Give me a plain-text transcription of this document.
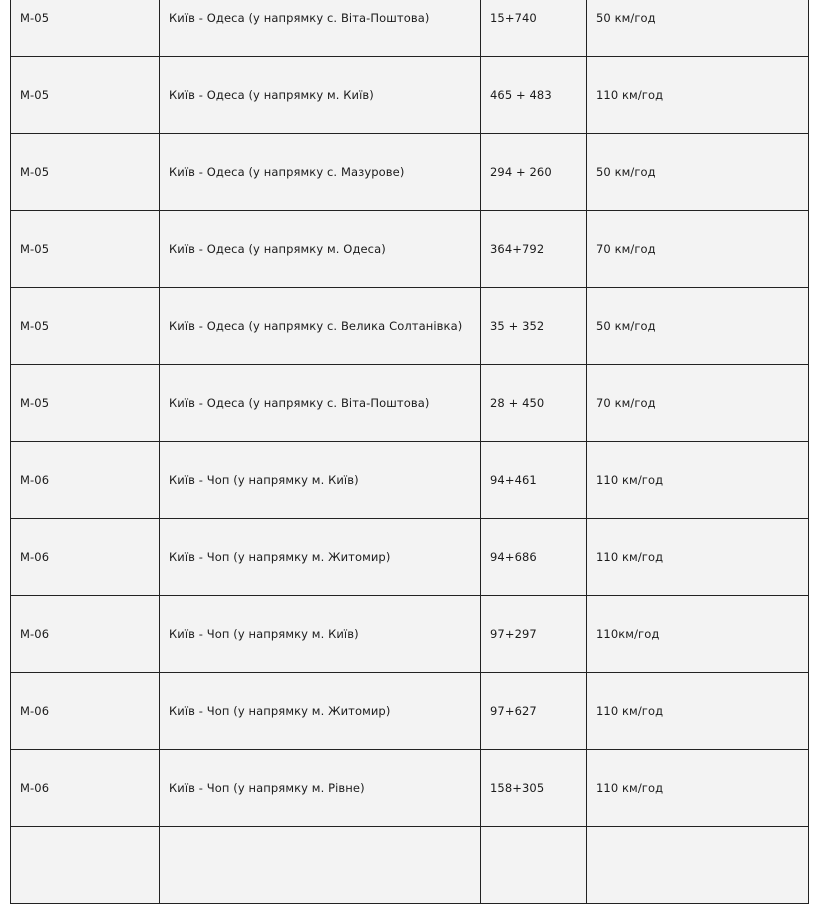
М-05	Київ - Одеса (у напрямку с. Віта-Поштова)	15+740	50 км/год
М-05	Київ - Одеса (у напрямку м. Київ)	465 + 483	110 км/год
М-05	Київ - Одеса (у напрямку с. Мазурове)	294 + 260	50 км/год
М-05	Київ - Одеса (у напрямку м. Одеса)	364+792	70 км/год
М-05	Київ - Одеса (у напрямку с. Велика Солтанівка)	35 + 352	50 км/год
М-05	Київ - Одеса (у напрямку с. Віта-Поштова)	28 + 450	70 км/год
М-06	Київ - Чоп (у напрямку м. Київ)	94+461	110 км/год
М-06	Київ - Чоп (у напрямку м. Житомир)	94+686	110 км/год
М-06	Київ - Чоп (у напрямку м. Київ)	97+297	110км/год
М-06	Київ - Чоп (у напрямку м. Житомир)	97+627	110 км/год
М-06	Київ - Чоп (у напрямку м. Рівне)	158+305	110 км/год
